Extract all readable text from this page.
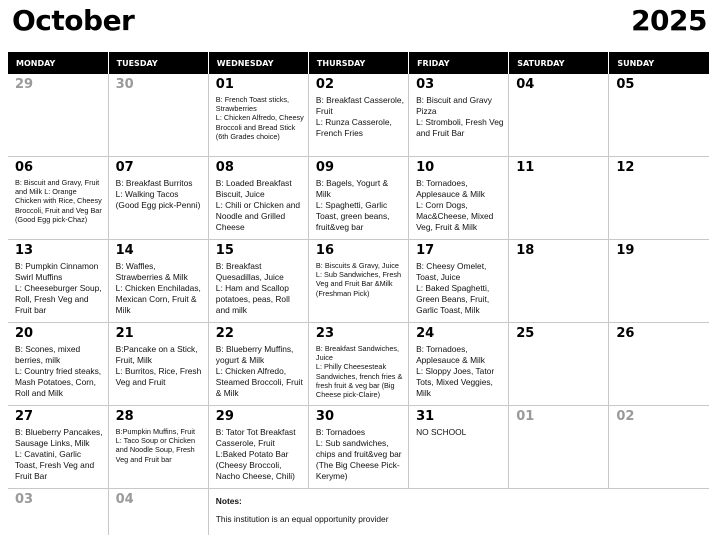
October	2025
MONDAY	TUESDAY	WEDNESDAY	THURSDAY	FRIDAY	SATURDAY	SUNDAY

29	30	01
B: French Toast sticks, Strawberries
L: Chicken Alfredo, Cheesy Broccoli and Bread Stick (6th Grades choice)	02
B: Breakfast Casserole, Fruit
L: Runza Casserole, French Fries	03
B: Biscuit and Gravy Pizza
L: Stromboli, Fresh Veg and Fruit Bar	04	05

06
B: Biscuit and Gravy, Fruit and Milk L: Orange Chicken with Rice, Cheesy Broccoli, Fruit and Veg Bar (Good Egg pick-Chaz)	07
B: Breakfast Burritos
L: Walking Tacos
(Good Egg pick-Penni)	08
B: Loaded Breakfast Biscuit, Juice
L: Chili or Chicken and Noodle and Grilled Cheese	09
B: Bagels, Yogurt & Milk
L: Spaghetti, Garlic Toast, green beans, fruit&veg bar	10
B: Tornadoes, Applesauce & Milk
L: Corn Dogs, Mac&Cheese, Mixed Veg, Fruit & Milk	11	12

13
B: Pumpkin Cinnamon Swirl Muffins
L: Cheeseburger Soup, Roll, Fresh Veg and Fruit bar	14
B: Waffles, Strawberries & Milk
L: Chicken Enchiladas, Mexican Corn, Fruit & Milk	15
B: Breakfast Quesadillas, Juice
L: Ham and Scallop potatoes, peas, Roll and milk	16
B: Biscuits & Gravy, Juice
L: Sub Sandwiches, Fresh Veg and Fruit Bar &Milk (Freshman Pick)	17
B: Cheesy Omelet, Toast, Juice
L: Baked Spaghetti, Green Beans, Fruit, Garlic Toast, Milk	18	19

20
B: Scones, mixed berries, milk
L: Country fried steaks, Mash Potatoes, Corn, Roll and Milk	21
B:Pancake on a Stick, Fruit, Milk
L: Burritos, Rice, Fresh Veg and Fruit	22
B: Blueberry Muffins, yogurt & Milk
L: Chicken Alfredo, Steamed Broccoli, Fruit & Milk	23
B: Breakfast Sandwiches, Juice
L: Philly Cheesesteak Sandwiches, french fries & fresh fruit & veg bar (Big Cheese pick-Claire)	24
B: Tornadoes, Applesauce & Milk
L: Sloppy Joes, Tator Tots, Mixed Veggies, Milk	25	26

27
B: Blueberry Pancakes, Sausage Links, Milk
L: Cavatini, Garlic Toast, Fresh Veg and Fruit Bar	28
B:Pumpkin Muffins, Fruit
L: Taco Soup or Chicken and Noodle Soup, Fresh Veg and Fruit bar	29
B: Tator Tot Breakfast Casserole, Fruit
L:Baked Potato Bar (Cheesy Broccoli, Nacho Cheese, Chili)	30
B: Tornadoes
L: Sub sandwiches, chips and fruit&veg bar
(The Big Cheese Pick-Keryme)	31
NO SCHOOL	01	02

03	04	Notes:
This institution is an equal opportunity provider				
